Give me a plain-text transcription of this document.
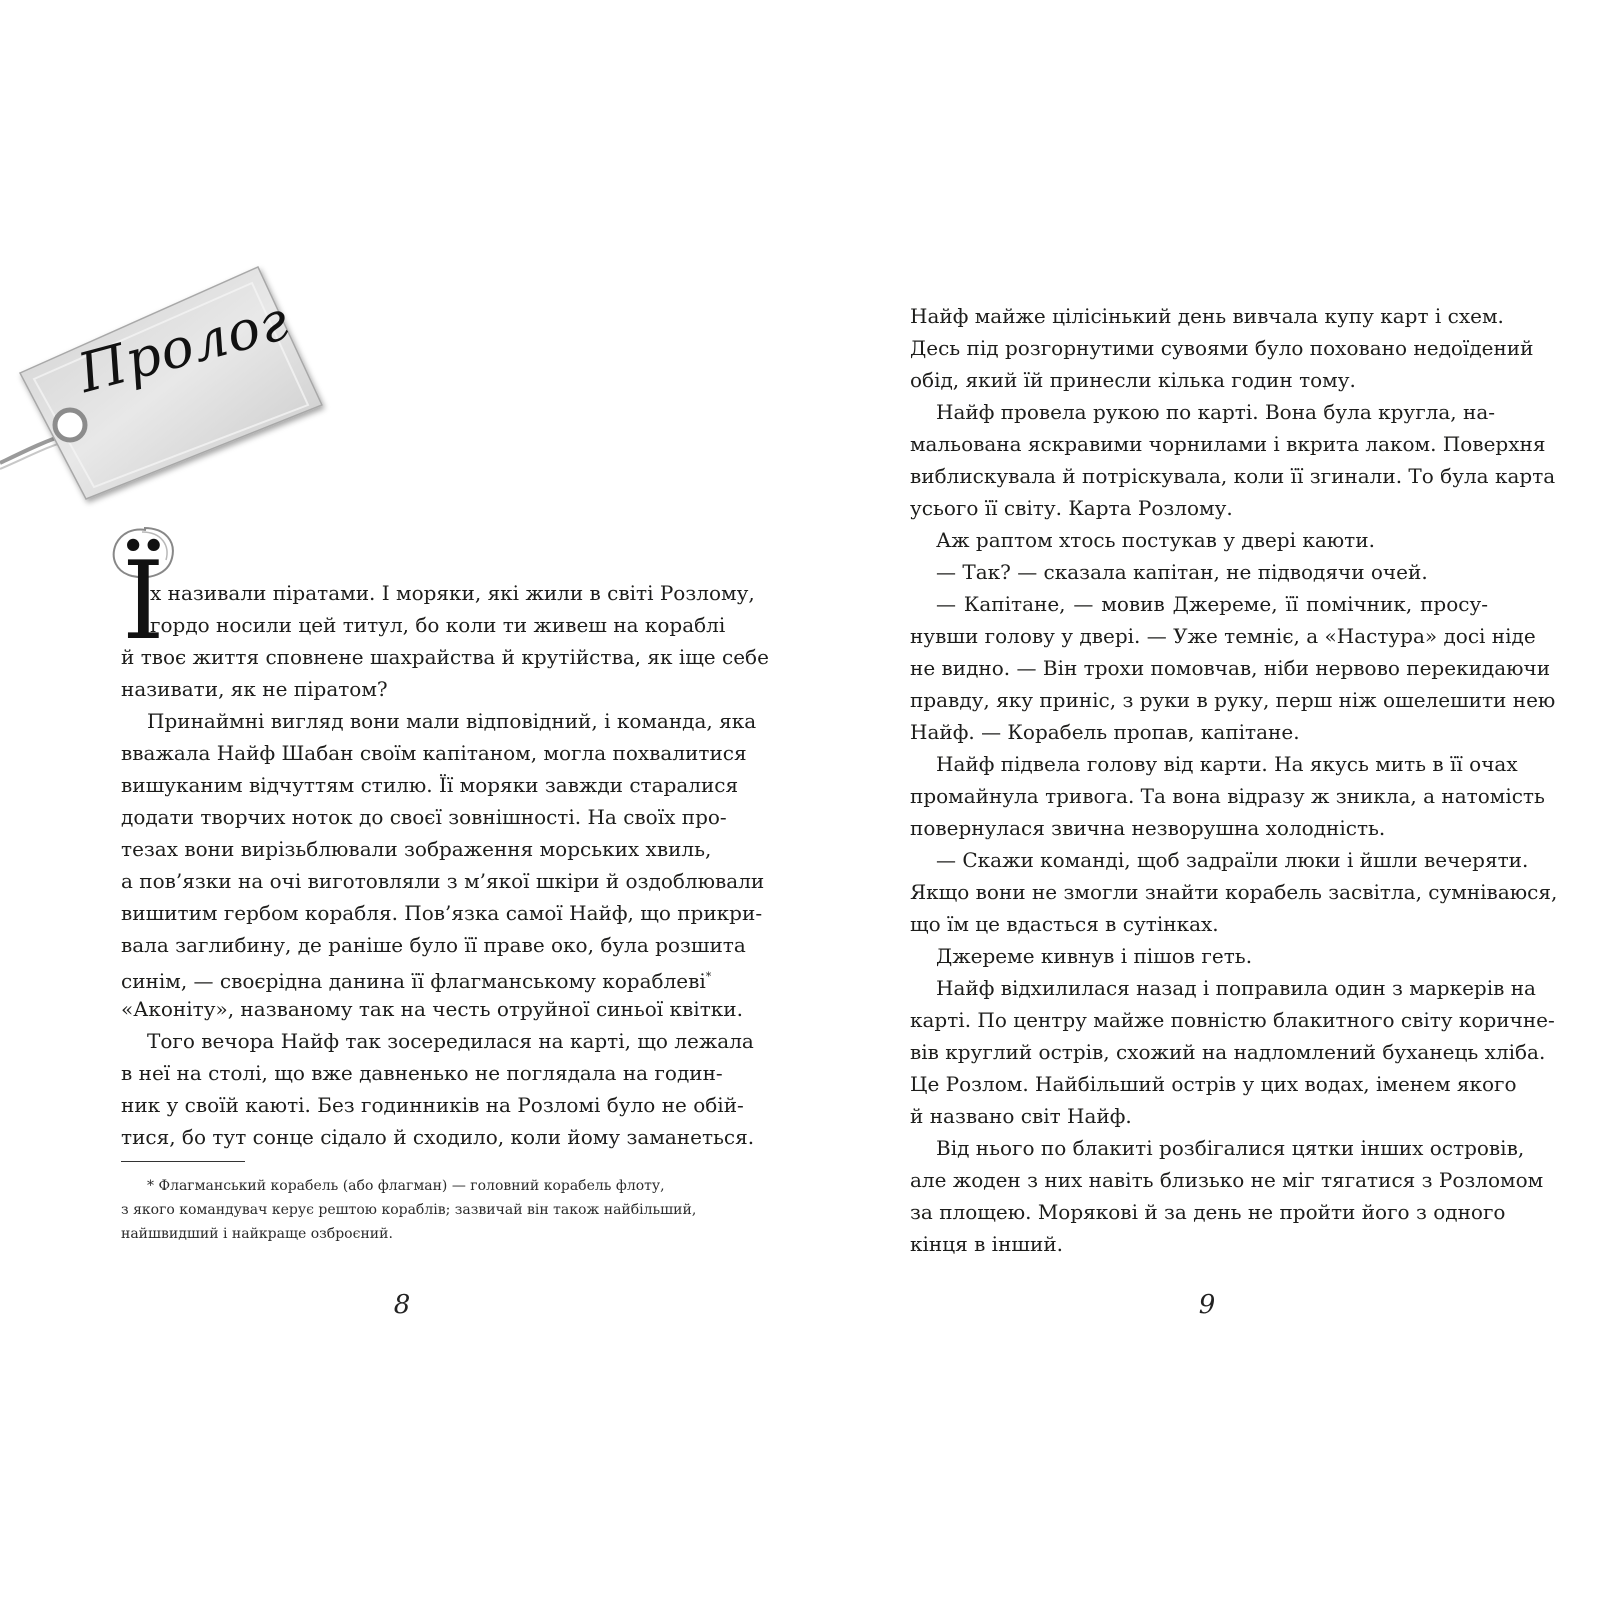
Пролог
Ї
х називали піратами. І моряки, які жили в світі Розлому,
гордо носили цей титул, бо коли ти живеш на кораблі
й твоє життя сповнене шахрайства й крутійства, як іще себе
називати, як не піратом?
Принаймні вигляд вони мали відповідний, і команда, яка
вважала Найф Шабан своїм капітаном, могла похвалитися
вишуканим відчуттям стилю. Її моряки завжди старалися
додати творчих ноток до своєї зовнішності. На своїх про-
тезах вони вирізьблювали зображення морських хвиль,
а пов’язки на очі виготовляли з м’якої шкіри й оздоблювали
вишитим гербом корабля. Пов’язка самої Найф, що прикри-
вала заглибину, де раніше було її праве око, була розшита
синім, — своєрідна данина її флагманському кораблеві*
«Аконіту», названому так на честь отруйної синьої квітки.
Того вечора Найф так зосередилася на карті, що лежала
в неї на столі, що вже давненько не поглядала на годин-
ник у своїй каюті. Без годинників на Розломі було не обій-
тися, бо тут сонце сідало й сходило, коли йому заманеться.
* Флагманський корабель (або флагман) — головний корабель флоту,
з якого командувач керує рештою кораблів; зазвичай він також найбільший,
найшвидший і найкраще озброєний.
8
Найф майже цілісінький день вивчала купу карт і схем.
Десь під розгорнутими сувоями було поховано недоїдений
обід, який їй принесли кілька годин тому.
Найф провела рукою по карті. Вона була кругла, на-
мальована яскравими чорнилами і вкрита лаком. Поверхня
виблискувала й потріскувала, коли її згинали. То була карта
усього її світу. Карта Розлому.
Аж раптом хтось постукав у двері каюти.
— Так? — сказала капітан, не підводячи очей.
— Капітане, — мовив Джереме, її помічник, просу-
нувши голову у двері. — Уже темніє, а «Настура» досі ніде
не видно. — Він трохи помовчав, ніби нервово перекидаючи
правду, яку приніс, з руки в руку, перш ніж ошелешити нею
Найф. — Корабель пропав, капітане.
Найф підвела голову від карти. На якусь мить в її очах
промайнула тривога. Та вона відразу ж зникла, а натомість
повернулася звична незворушна холодність.
— Скажи команді, щоб задраїли люки і йшли вечеряти.
Якщо вони не змогли знайти корабель засвітла, сумніваюся,
що їм це вдасться в сутінках.
Джереме кивнув і пішов геть.
Найф відхилилася назад і поправила один з маркерів на
карті. По центру майже повністю блакитного світу коричне-
вів круглий острів, схожий на надломлений буханець хліба.
Це Розлом. Найбільший острів у цих водах, іменем якого
й названо світ Найф.
Від нього по блакиті розбігалися цятки інших островів,
але жоден з них навіть близько не міг тягатися з Розломом
за площею. Морякові й за день не пройти його з одного
кінця в інший.
9
